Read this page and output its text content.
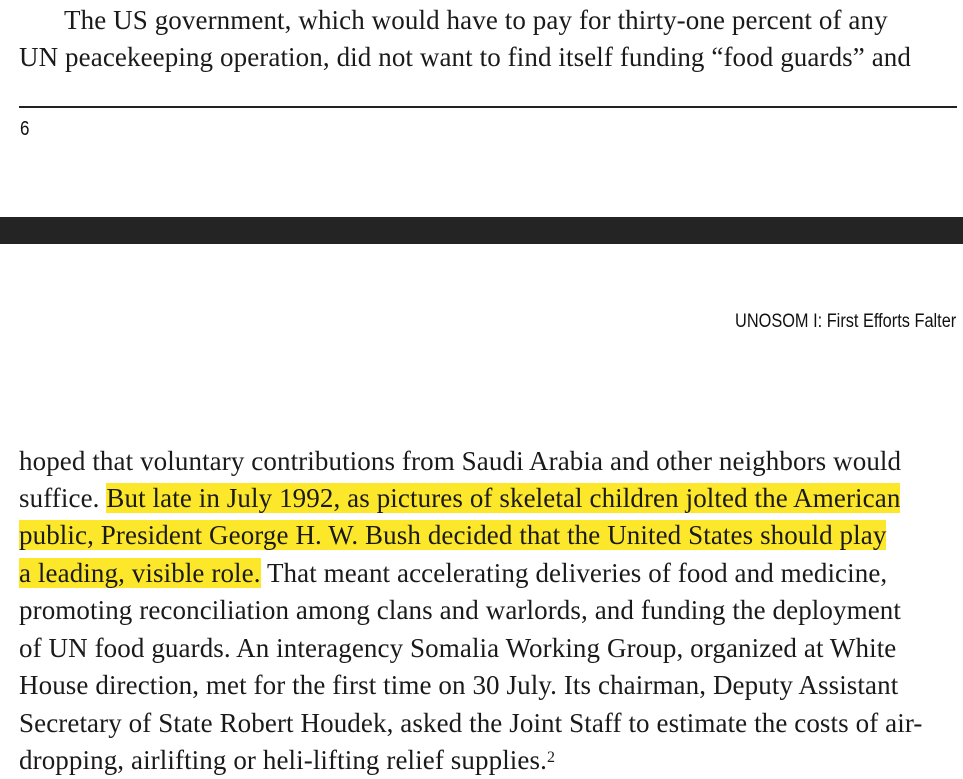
The US government, which would have to pay for thirty-one percent of any
UN peacekeeping operation, did not want to find itself funding “food guards” and
6
UNOSOM I: First Efforts Falter
hoped that voluntary contributions from Saudi Arabia and other neighbors would
suffice. But late in July 1992, as pictures of skeletal children jolted the American
public, President George H. W. Bush decided that the United States should play
a leading, visible role. That meant accelerating deliveries of food and medicine,
promoting reconciliation among clans and warlords, and funding the deployment
of UN food guards. An interagency Somalia Working Group, organized at White
House direction, met for the first time on 30 July. Its chairman, Deputy Assistant
Secretary of State Robert Houdek, asked the Joint Staff to estimate the costs of air-
dropping, airlifting or heli-lifting relief supplies.$^2$
